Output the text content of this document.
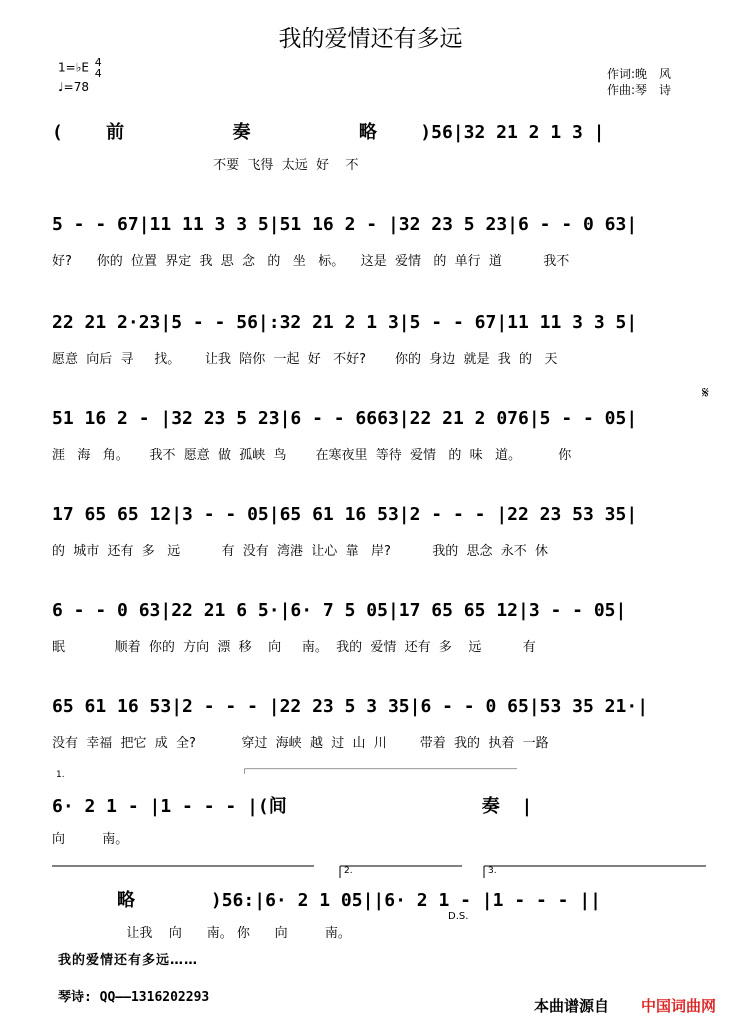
我的爱情还有多远
1=♭E 4
4
♩=78
作词:晚　风
作曲:琴　诗
(    前          奏          略    )56|32 21 2 1 3 |
不要  飞得  太远  好    不
5 - - 67|11 11 3 3 5|51 16 2 - |32 23 5 23|6 - - 0 63|
好?      你的  位置  界定  我  思  念   的   坐   标。    这是  爱情   的  单行  道          我不
22 21 2·23|5 - - 56|:32 21 2 1 3|5 - - 67|11 11 3 3 5|
愿意  向后  寻     找。      让我  陪你  一起  好   不好?       你的  身边  就是  我  的   天
51 16 2 - |32 23 5 23|6 - - 6663|22 21 2 076|5 - - 05|
涯   海   角。     我不  愿意  做  孤峡  鸟       在寒夜里  等待  爱情   的  味   道。         你
17 65 65 12|3 - - 05|65 61 16 53|2 - - - |22 23 53 35|
的  城市  还有  多   远          有  没有  湾港  让心  靠   岸?          我的  思念  永不  休
6 - - 0 63|22 21 6 5·|6· 7 5 05|17 65 65 12|3 - - 05|
眠            顺着  你的  方向  漂  移    向     南。  我的  爱情  还有  多    远          有
65 61 16 53|2 - - - |22 23 5 3 35|6 - - 0 65|53 35 21·|
没有  幸福  把它  成  全?           穿过  海峡  越  过  山  川        带着  我的  执着  一路
1.
6· 2 1 - |1 - - - |(间                  奏  |
向         南。
2.	3.
略       )56:|6· 2 1 05||6· 2 1 - |1 - - - ||
让我    向      南。 你      向         南。
D.S.
𝄋
我的爱情还有多远……
琴诗: QQ——1316202293	本曲谱源自 中国词曲网
